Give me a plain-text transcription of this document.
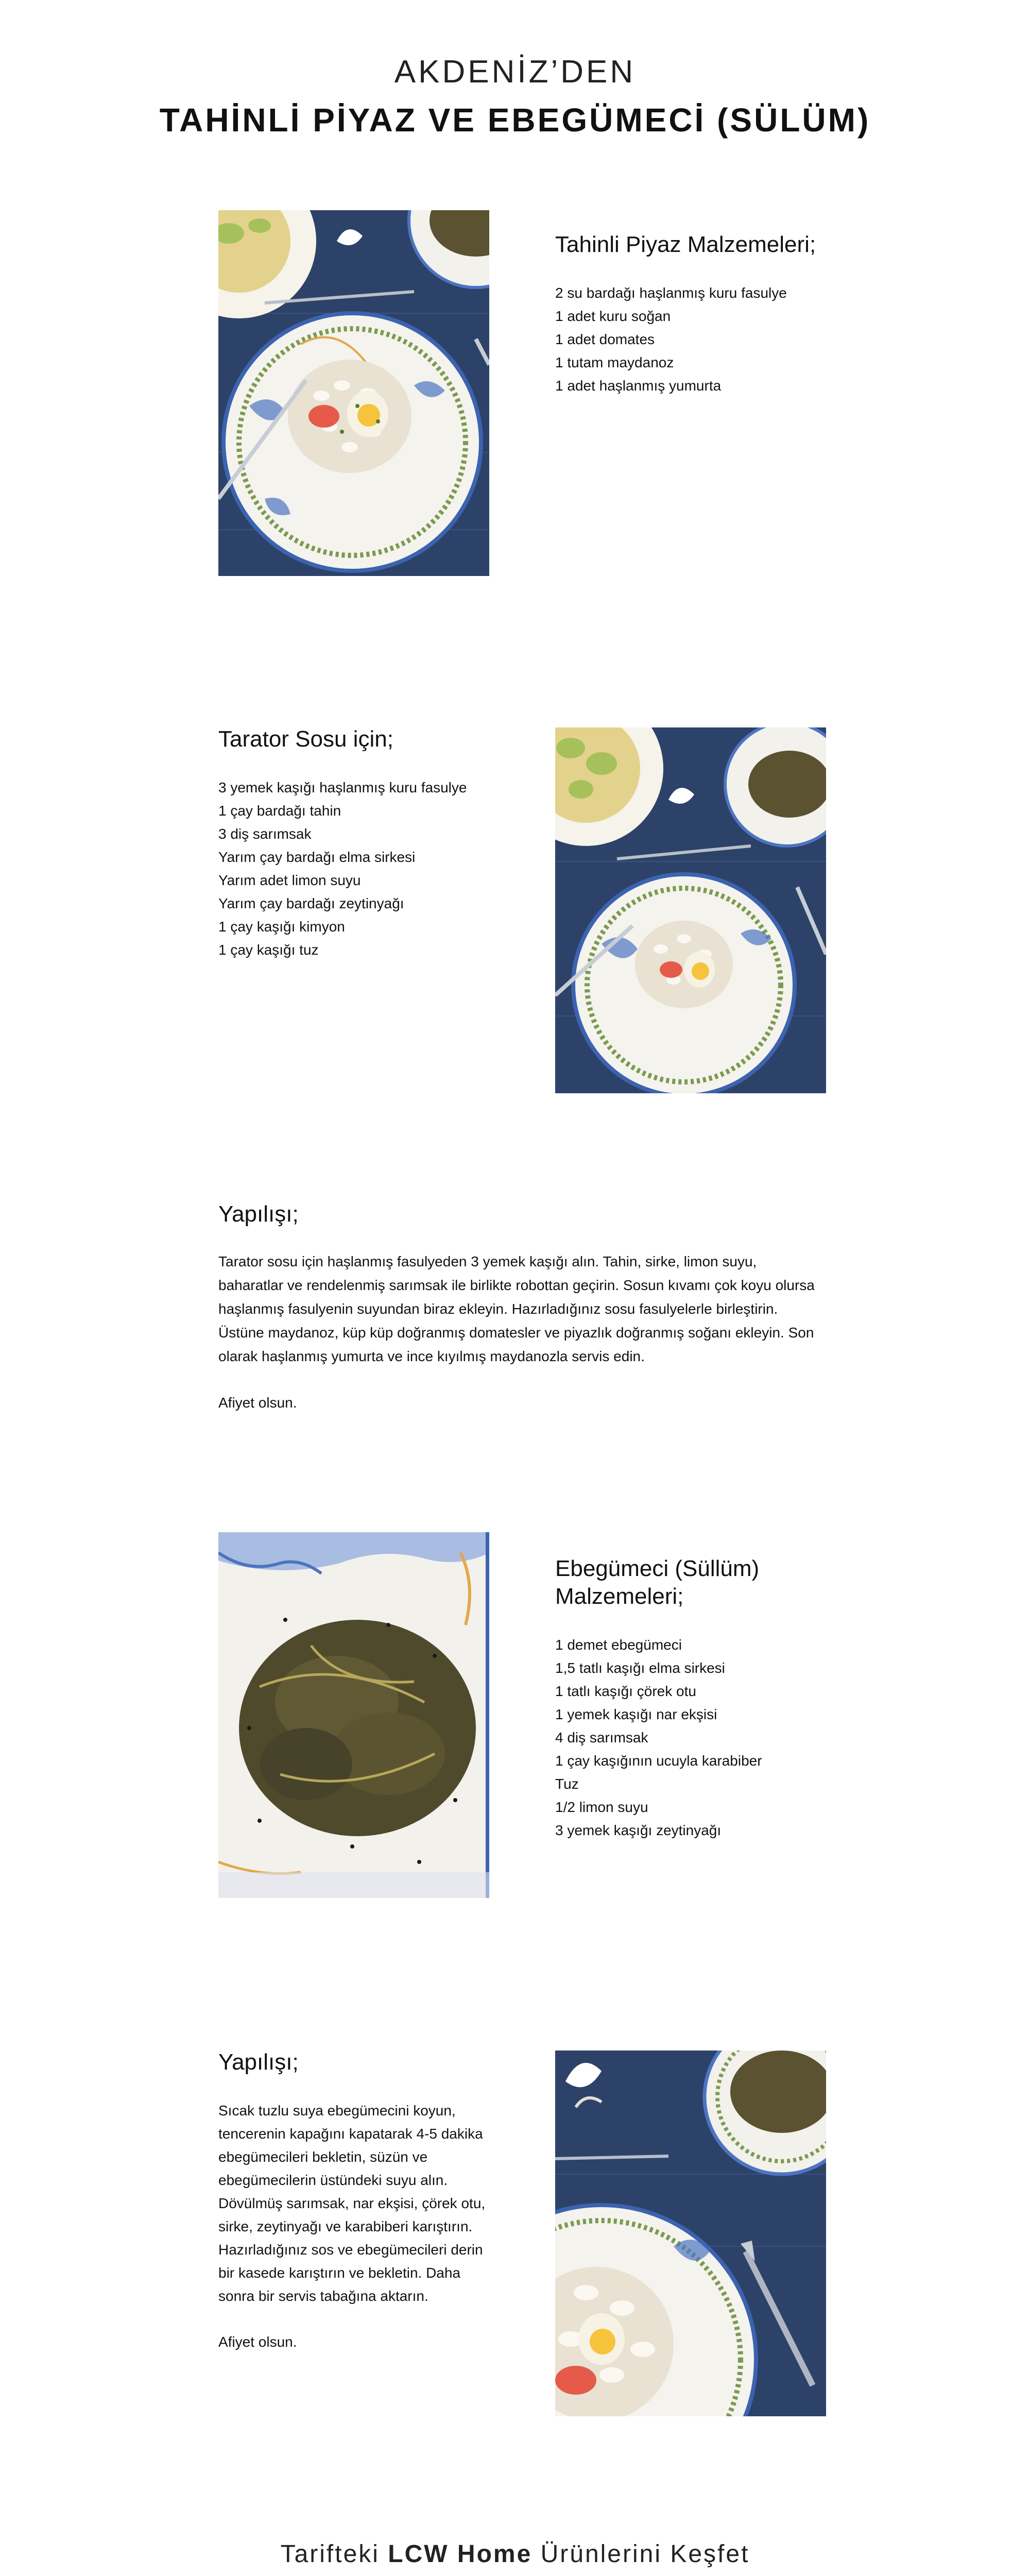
AKDENİZ’DEN
TAHİNLİ PİYAZ VE EBEGÜMECİ (SÜLÜM)
Tahinli Piyaz Malzemeleri;
2 su bardağı haşlanmış kuru fasulye
1 adet kuru soğan
1 adet domates
1 tutam maydanoz
1 adet haşlanmış yumurta
Tarator Sosu için;
3 yemek kaşığı haşlanmış kuru fasulye
1 çay bardağı tahin
3 diş sarımsak
Yarım çay bardağı elma sirkesi
Yarım adet limon suyu
Yarım çay bardağı zeytinyağı
1 çay kaşığı kimyon
1 çay kaşığı tuz
Yapılışı;

Tarator sosu için haşlanmış fasulyeden 3 yemek kaşığı alın. Tahin, sirke, limon suyu, baharatlar ve rendelenmiş sarımsak ile birlikte robottan geçirin. Sosun kıvamı çok koyu olursa haşlanmış fasulyenin suyundan biraz ekleyin. Hazırladığınız sosu fasulyelerle birleştirin. Üstüne maydanoz, küp küp doğranmış domatesler ve piyazlık doğranmış soğanı ekleyin. Son olarak haşlanmış yumurta ve ince kıyılmış maydanozla servis edin.

Afiyet olsun.

Ebegümeci (Süllüm) Malzemeleri;
1 demet ebegümeci
1,5 tatlı kaşığı elma sirkesi
1 tatlı kaşığı çörek otu
1 yemek kaşığı nar ekşisi
4 diş sarımsak
1 çay kaşığının ucuyla karabiber
Tuz
1/2 limon suyu
3 yemek kaşığı zeytinyağı
Yapılışı;

Sıcak tuzlu suya ebegümecini koyun, tencerenin kapağını kapatarak 4-5 dakika ebegümecileri bekletin, süzün ve ebegümecilerin üstündeki suyu alın. Dövülmüş sarımsak, nar ekşisi, çörek otu, sirke, zeytinyağı ve karabiberi karıştırın. Hazırladığınız sos ve ebegümecileri derin bir kasede karıştırın ve bekletin. Daha sonra bir servis tabağına aktarın.

Afiyet olsun.

Tarifteki LCW Home Ürünlerini Keşfet
